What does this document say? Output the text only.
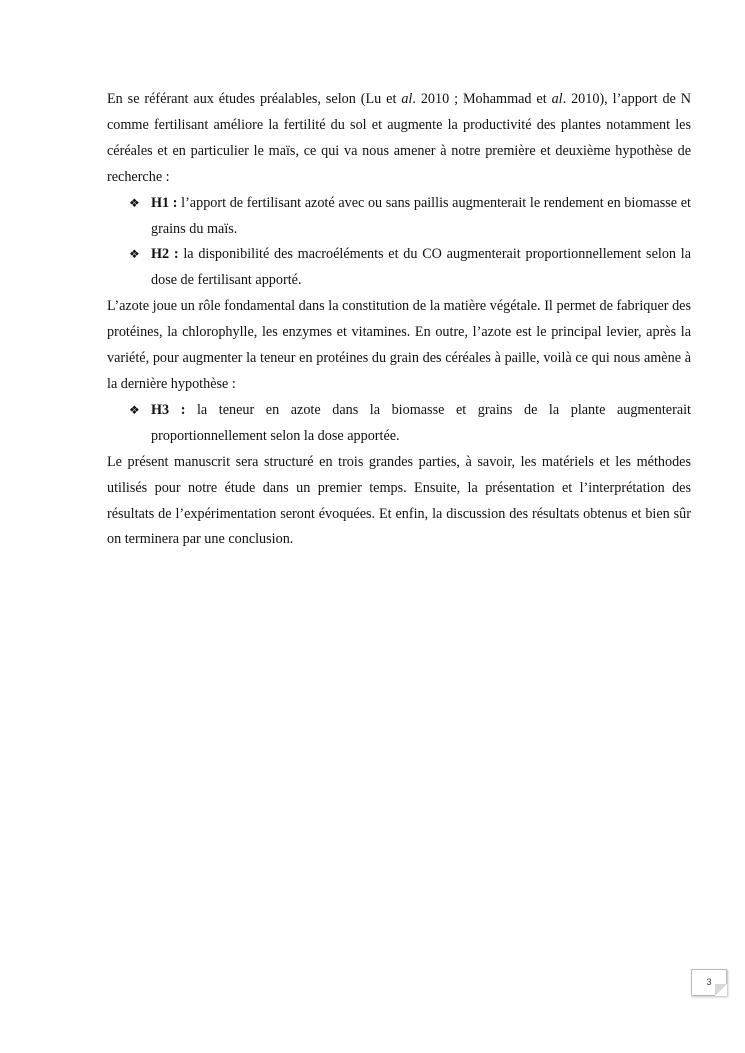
En se référant aux études préalables, selon (Lu et al. 2010 ; Mohammad et al. 2010), l’apport de N comme fertilisant améliore la fertilité du sol et augmente la productivité des plantes notamment les céréales et en particulier le maïs, ce qui va nous amener à notre première et deuxième hypothèse de recherche :

❖ H1 : l’apport de fertilisant azoté avec ou sans paillis augmenterait le rendement en biomasse et grains du maïs.
❖ H2 : la disponibilité des macroéléments et du CO augmenterait proportionnellement selon la dose de fertilisant apporté.

L’azote joue un rôle fondamental dans la constitution de la matière végétale. Il permet de fabriquer des protéines, la chlorophylle, les enzymes et vitamines. En outre, l’azote est le principal levier, après la variété, pour augmenter la teneur en protéines du grain des céréales à paille, voilà ce qui nous amène à la dernière hypothèse :

❖ H3 : la teneur en azote dans la biomasse et grains de la plante augmenterait proportionnellement selon la dose apportée.

Le présent manuscrit sera structuré en trois grandes parties, à savoir, les matériels et les méthodes utilisés pour notre étude dans un premier temps. Ensuite, la présentation et l’interprétation des résultats de l’expérimentation seront évoquées. Et enfin, la discussion des résultats obtenus et bien sûr on terminera par une conclusion.

3
